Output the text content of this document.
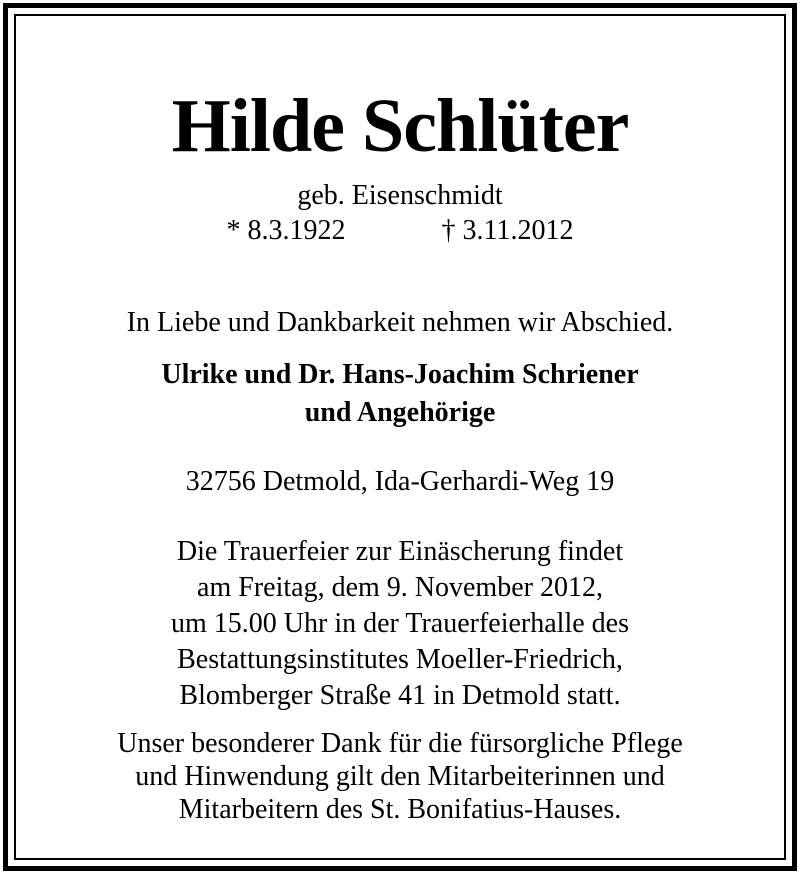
Hilde Schlüter
geb. Eisenschmidt
* 8.3.1922	† 3.11.2012
In Liebe und Dankbarkeit nehmen wir Abschied.
Ulrike und Dr. Hans-Joachim Schriener
und Angehörige
32756 Detmold, Ida-Gerhardi-Weg 19
Die Trauerfeier zur Einäscherung findet
am Freitag, dem 9. November 2012,
um 15.00 Uhr in der Trauerfeierhalle des
Bestattungsinstitutes Moeller-Friedrich,
Blomberger Straße 41 in Detmold statt.
Unser besonderer Dank für die fürsorgliche Pflege
und Hinwendung gilt den Mitarbeiterinnen und
Mitarbeitern des St. Bonifatius-Hauses.
